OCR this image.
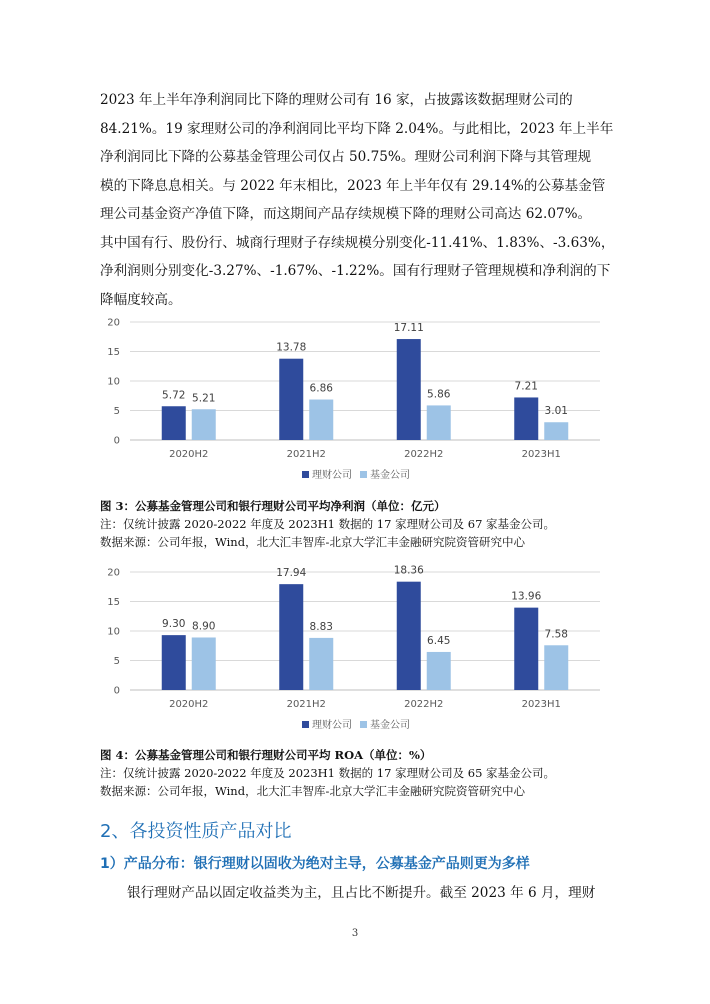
2023 年上半年净利润同比下降的理财公司有 16 家，占披露该数据理财公司的
84.21%。19 家理财公司的净利润同比平均下降 2.04%。与此相比，2023 年上半年
净利润同比下降的公募基金管理公司仅占 50.75%。理财公司利润下降与其管理规
模的下降息息相关。与 2022 年末相比，2023 年上半年仅有 29.14%的公募基金管
理公司基金资产净值下降，而这期间产品存续规模下降的理财公司高达 62.07%。
其中国有行、股份行、城商行理财子存续规模分别变化-11.41%、1.83%、-3.63%，
净利润则分别变化-3.27%、-1.67%、-1.22%。国有行理财子管理规模和净利润的下
降幅度较高。
0
5
10
15
20
5.72 5.21
2020H2
13.78
6.86
2021H2
17.11
5.86
2022H2
7.21
3.01
2023H1
理财公司 基金公司
图 3：公募基金管理公司和银行理财公司平均净利润（单位：亿元）
注：仅统计披露 2020-2022 年度及 2023H1 数据的 17 家理财公司及 67 家基金公司。
数据来源：公司年报，Wind，北大汇丰智库-北京大学汇丰金融研究院资管研究中心
0
5
10
15
20
9.30 8.90
2020H2
17.94
8.83
2021H2
18.36
6.45
2022H2
13.96
7.58
2023H1
理财公司 基金公司
图 4：公募基金管理公司和银行理财公司平均 ROA（单位：%）
注：仅统计披露 2020-2022 年度及 2023H1 数据的 17 家理财公司及 65 家基金公司。
数据来源：公司年报，Wind，北大汇丰智库-北京大学汇丰金融研究院资管研究中心
2、各投资性质产品对比
1）产品分布：银行理财以固收为绝对主导，公募基金产品则更为多样

银行理财产品以固定收益类为主，且占比不断提升。截至 2023 年 6 月，理财

3
